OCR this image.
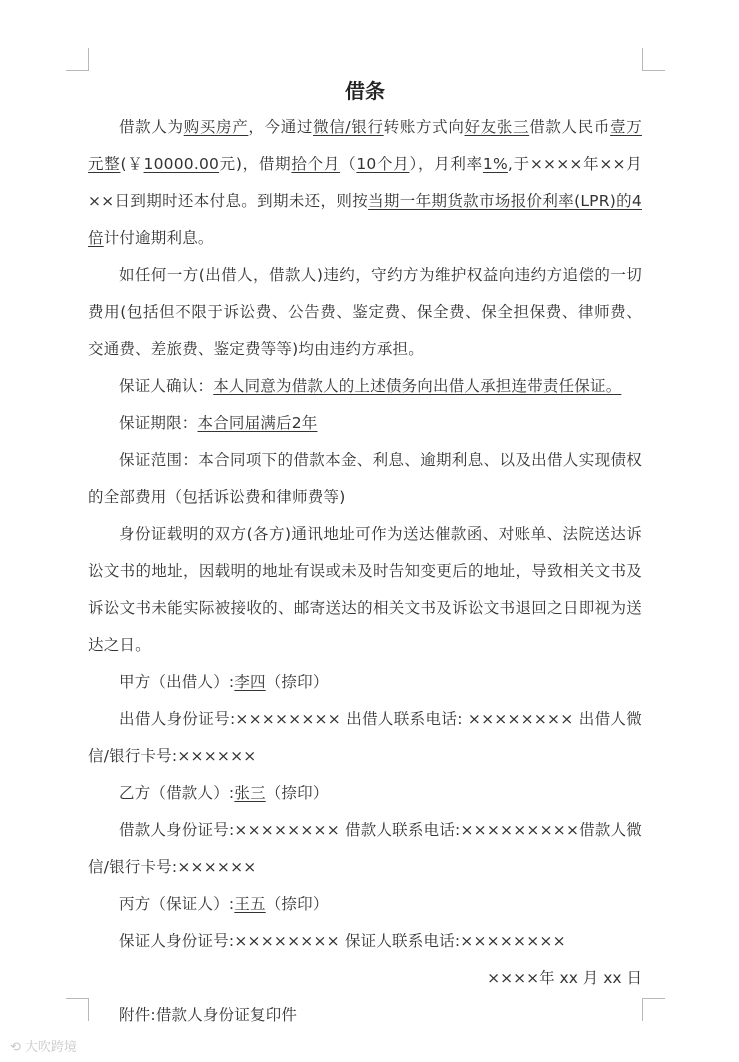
借条

借款人为购买房产，今通过微信/银行转账方式向好友张三借款人民币壹万元整(￥10000.00元)，借期拾个月（10个月），月利率1%,于××××年××月××日到期时还本付息。到期未还，则按当期一年期货款市场报价利率(LPR)的4倍计付逾期利息。

如任何一方(出借人，借款人)违约，守约方为维护权益向违约方追偿的一切费用(包括但不限于诉讼费、公告费、鉴定费、保全费、保全担保费、律师费、交通费、差旅费、鉴定费等等)均由违约方承担。

保证人确认：本人同意为借款人的上述债务向出借人承担连带责任保证。

保证期限：本合同届满后2年

保证范围：本合同项下的借款本金、利息、逾期利息、以及出借人实现债权的全部费用（包括诉讼费和律师费等)

身份证载明的双方(各方)通讯地址可作为送达催款函、对账单、法院送达诉讼文书的地址，因载明的地址有误或未及时告知变更后的地址，导致相关文书及诉讼文书未能实际被接收的、邮寄送达的相关文书及诉讼文书退回之日即视为送达之日。

甲方（出借人）:李四（捺印）

出借人身份证号:×××××××× 出借人联系电话: ×××××××× 出借人微信/银行卡号:××××××

乙方（借款人）:张三（捺印）

借款人身份证号:×××××××× 借款人联系电话:×××××××××借款人微信/银行卡号:××××××

丙方（保证人）:王五（捺印）

保证人身份证号:×××××××× 保证人联系电话:××××××××

××××年 xx 月 xx 日

附件:借款人身份证复印件

⟲ 大吹跨境
